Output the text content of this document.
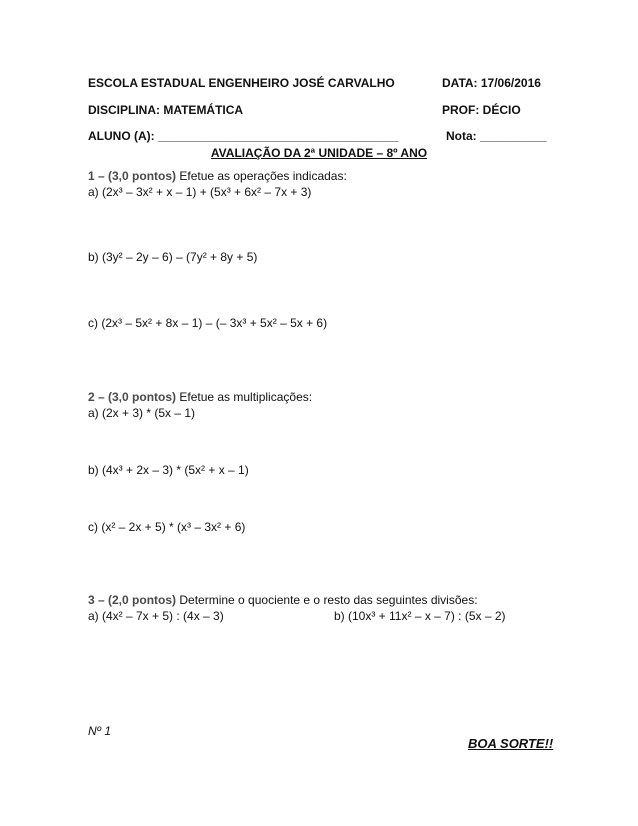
ESCOLA ESTADUAL ENGENHEIRO JOSÉ CARVALHO	DATA: 17/06/2016
DISCIPLINA: MATEMÁTICA	PROF: DÉCIO
ALUNO (A): ____________________________________	Nota: __________
AVALIAÇÃO DA 2ª UNIDADE – 8º ANO
1 – (3,0 pontos) Efetue as operações indicadas:
a) (2x³ – 3x² + x – 1) + (5x³ + 6x² – 7x + 3)
b) (3y² – 2y – 6) – (7y² + 8y + 5)
c) (2x³ – 5x² + 8x – 1) – (– 3x³ + 5x² – 5x + 6)
2 – (3,0 pontos) Efetue as multiplicações:
a) (2x + 3) * (5x – 1)
b) (4x³ + 2x – 3) * (5x² + x – 1)
c) (x² – 2x + 5) * (x³ – 3x² + 6)
3 – (2,0 pontos) Determine o quociente e o resto das seguintes divisões:
a) (4x² – 7x + 5) : (4x – 3)	b) (10x³ + 11x² – x – 7) : (5x – 2)
Nº 1
BOA SORTE!!
